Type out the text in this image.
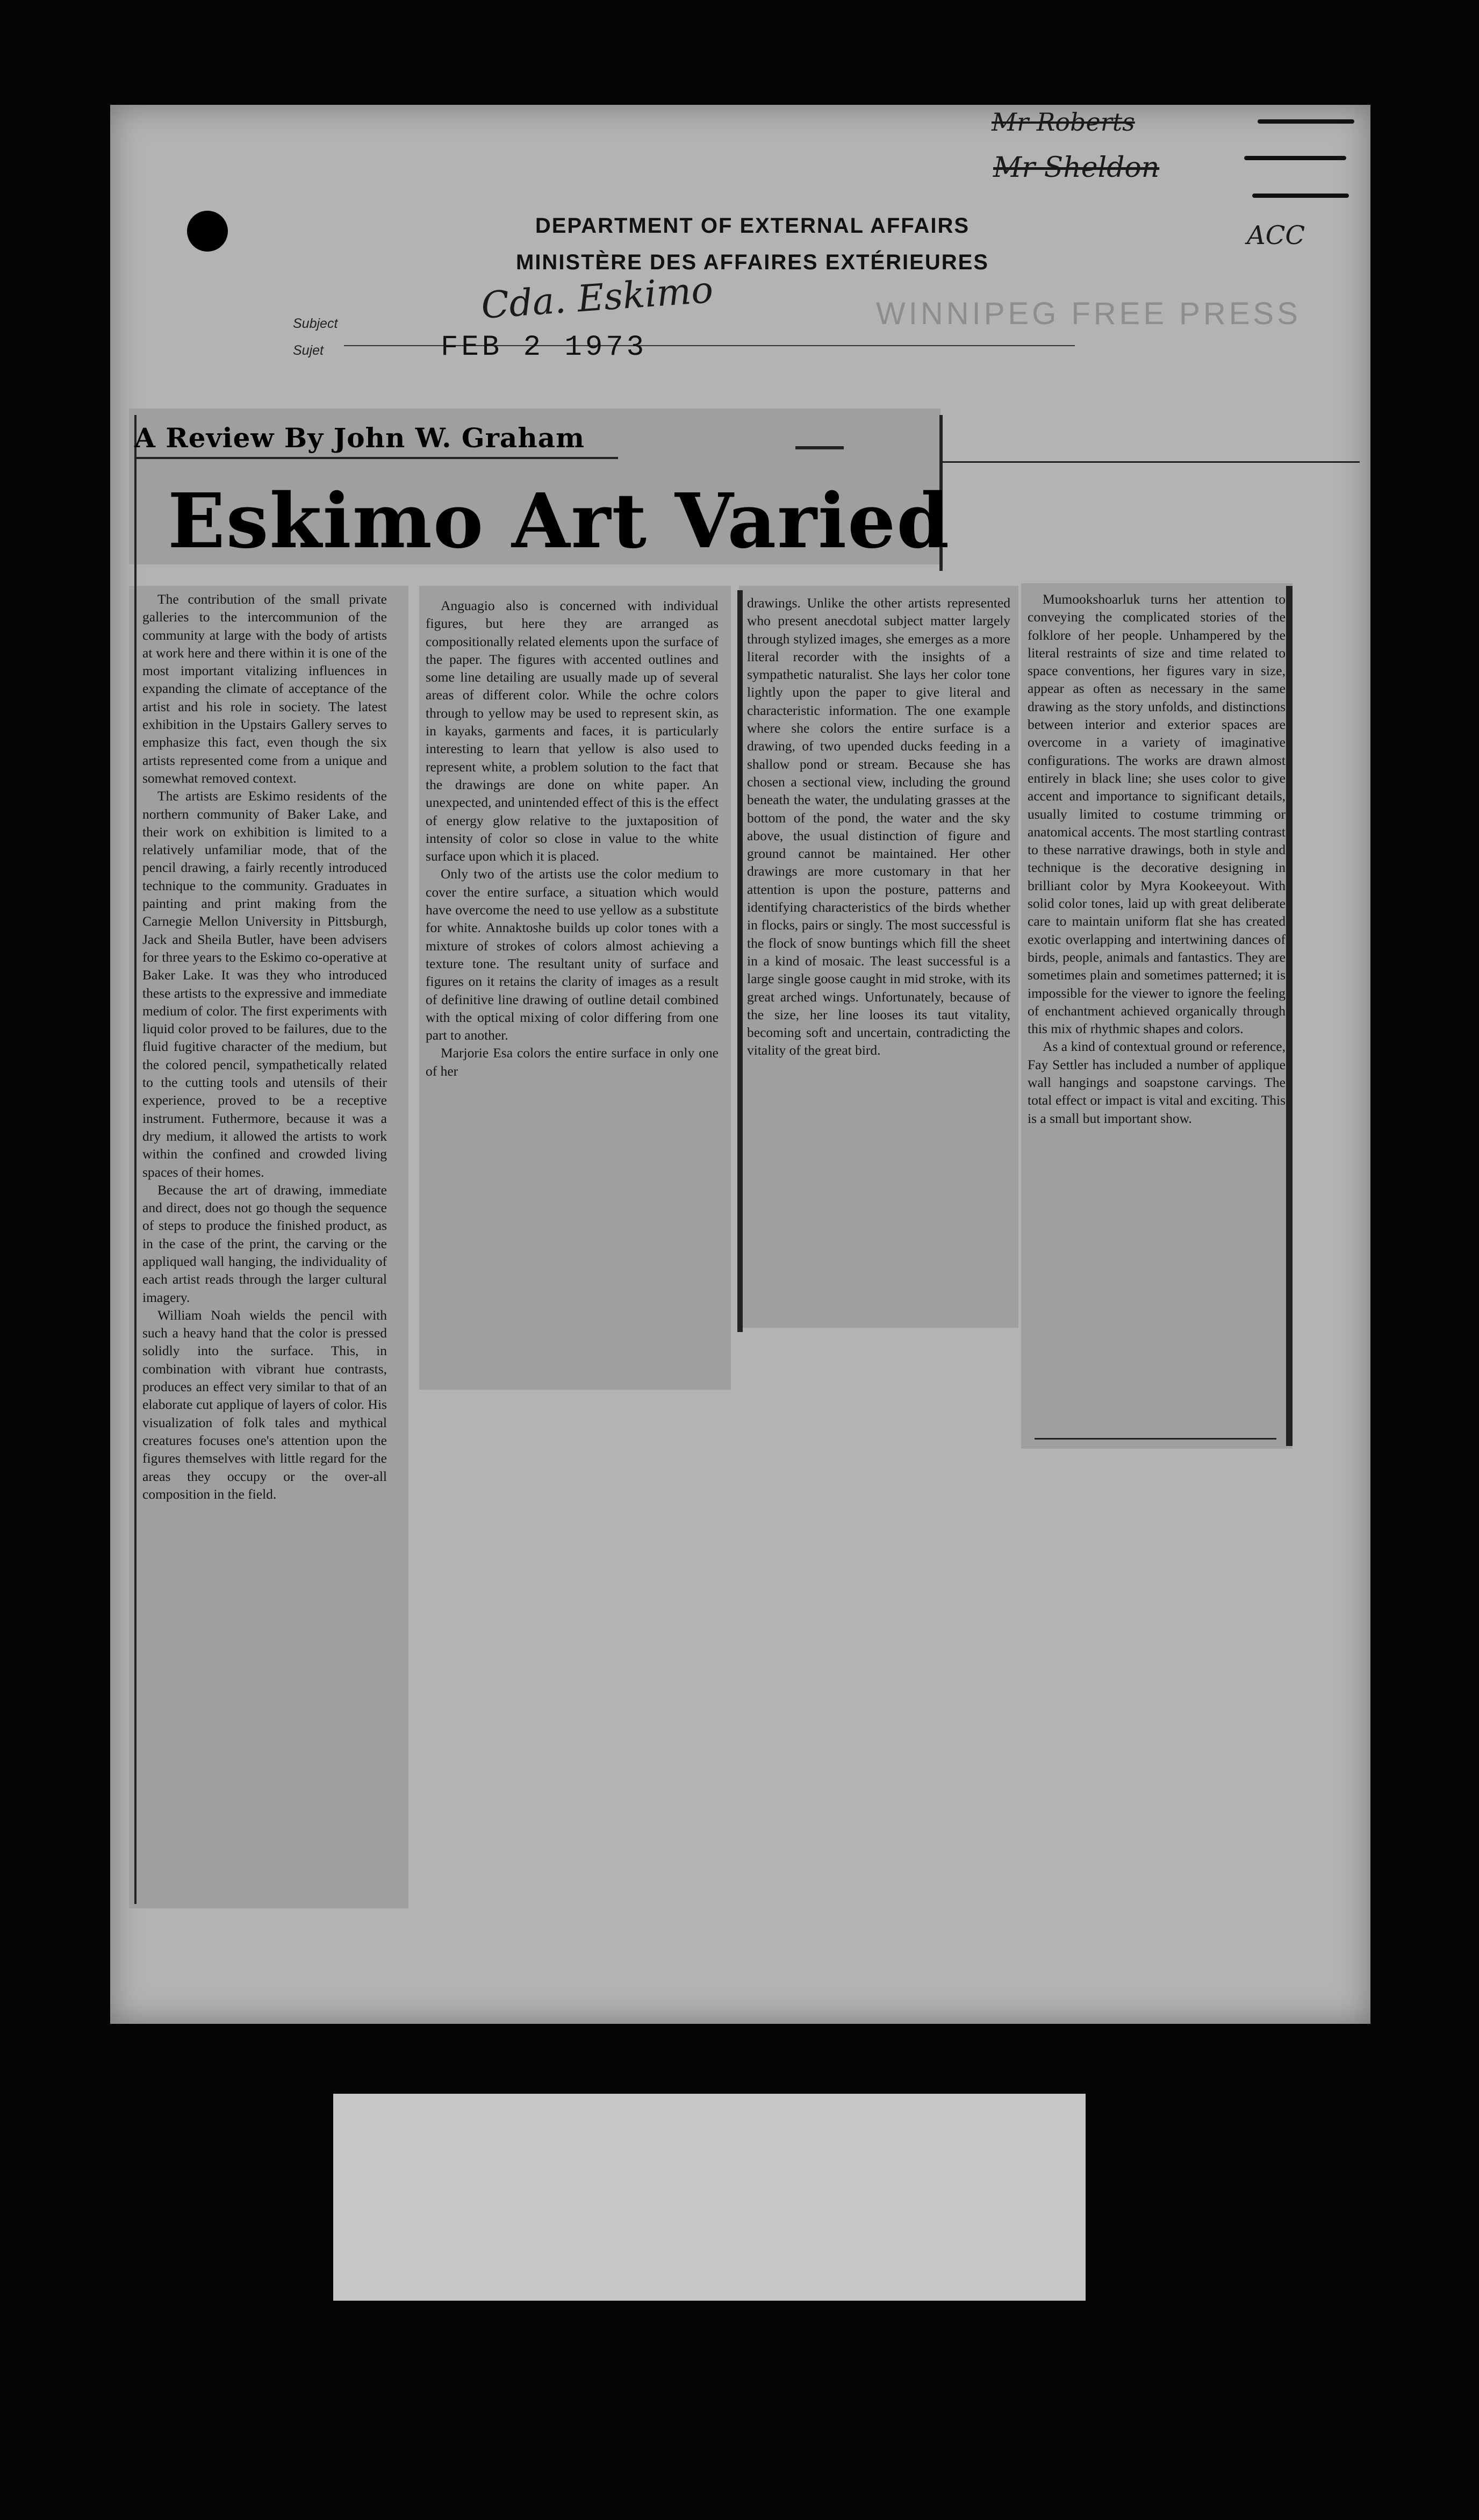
Mr Roberts
Mr Sheldon
ACC
DEPARTMENT OF EXTERNAL AFFAIRS
MINISTÈRE DES AFFAIRES EXTÉRIEURES
Subject
Sujet
Cda. Eskimo
FEB 2 1973
WINNIPEG FREE PRESS
A Review By John W. Graham
Eskimo Art Varied

The contribution of the small private galleries to the intercommunion of the community at large with the body of artists at work here and there within it is one of the most important vitalizing influences in expanding the climate of acceptance of the artist and his role in society. The latest exhibition in the Upstairs Gallery serves to emphasize this fact, even though the six artists represented come from a unique and somewhat removed context.

The artists are Eskimo residents of the northern community of Baker Lake, and their work on exhibition is limited to a relatively unfamiliar mode, that of the pencil drawing, a fairly recently introduced technique to the community. Graduates in painting and print making from the Carnegie Mellon University in Pittsburgh, Jack and Sheila Butler, have been advisers for three years to the Eskimo co-operative at Baker Lake. It was they who introduced these artists to the expressive and immediate medium of color. The first experiments with liquid color proved to be failures, due to the fluid fugitive character of the medium, but the colored pencil, sympathetically related to the cutting tools and utensils of their experience, proved to be a receptive instrument. Futhermore, because it was a dry medium, it allowed the artists to work within the confined and crowded living spaces of their homes.

Because the art of drawing, immediate and direct, does not go though the sequence of steps to produce the finished product, as in the case of the print, the carving or the appliqued wall hanging, the individuality of each artist reads through the larger cultural imagery.

William Noah wields the pencil with such a heavy hand that the color is pressed solidly into the surface. This, in combination with vibrant hue contrasts, produces an effect very similar to that of an elaborate cut applique of layers of color. His visualization of folk tales and mythical creatures focuses one's attention upon the figures themselves with little regard for the areas they occupy or the over-all composition in the field.

Anguagio also is concerned with individual figures, but here they are arranged as compositionally related elements upon the surface of the paper. The figures with accented outlines and some line detailing are usually made up of several areas of different color. While the ochre colors through to yellow may be used to represent skin, as in kayaks, garments and faces, it is particularly interesting to learn that yellow is also used to represent white, a problem solution to the fact that the drawings are done on white paper. An unexpected, and unintended effect of this is the effect of energy glow relative to the juxtaposition of intensity of color so close in value to the white surface upon which it is placed.

Only two of the artists use the color medium to cover the entire surface, a situation which would have overcome the need to use yellow as a substitute for white. Annaktoshe builds up color tones with a mixture of strokes of colors almost achieving a texture tone. The resultant unity of surface and figures on it retains the clarity of images as a result of definitive line drawing of outline detail combined with the optical mixing of color differing from one part to another.

Marjorie Esa colors the entire surface in only one of her

drawings. Unlike the other artists represented who present anecdotal subject matter largely through stylized images, she emerges as a more literal recorder with the insights of a sympathetic naturalist. She lays her color tone lightly upon the paper to give literal and characteristic information. The one example where she colors the entire surface is a drawing, of two upended ducks feeding in a shallow pond or stream. Because she has chosen a sectional view, including the ground beneath the water, the undulating grasses at the bottom of the pond, the water and the sky above, the usual distinction of figure and ground cannot be maintained. Her other drawings are more customary in that her attention is upon the posture, patterns and identifying characteristics of the birds whether in flocks, pairs or singly. The most successful is the flock of snow buntings which fill the sheet in a kind of mosaic. The least successful is a large single goose caught in mid stroke, with its great arched wings. Unfortunately, because of the size, her line looses its taut vitality, becoming soft and uncertain, contradicting the vitality of the great bird.

Mumookshoarluk turns her attention to conveying the complicated stories of the folklore of her people. Unhampered by the literal restraints of size and time related to space conventions, her figures vary in size, appear as often as necessary in the same drawing as the story unfolds, and distinctions between interior and exterior spaces are overcome in a variety of imaginative configurations. The works are drawn almost entirely in black line; she uses color to give accent and importance to significant details, usually limited to costume trimming or anatomical accents. The most startling contrast to these narrative drawings, both in style and technique is the decorative designing in brilliant color by Myra Kookeeyout. With solid color tones, laid up with great deliberate care to maintain uniform flat she has created exotic overlapping and intertwining dances of birds, people, animals and fantastics. They are sometimes plain and sometimes patterned; it is impossible for the viewer to ignore the feeling of enchantment achieved organically through this mix of rhythmic shapes and colors.

As a kind of contextual ground or reference, Fay Settler has included a number of applique wall hangings and soapstone carvings. The total effect or impact is vital and exciting. This is a small but important show.
